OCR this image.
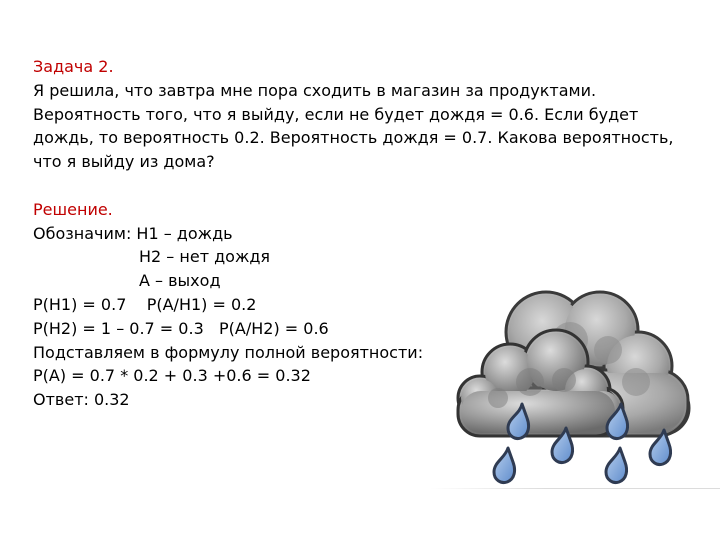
Задача 2.
Я решила, что завтра мне пора сходить в магазин за продуктами.
Вероятность того, что я выйду, если не будет дождя = 0.6. Если будет
дождь, то вероятность 0.2. Вероятность дождя = 0.7. Какова вероятность,
что я выйду из дома?
Решение.
Обозначим: H1 – дождь
H2 – нет дождя
A – выход
P(H1) = 0.7    P(A/H1) = 0.2
P(H2) = 1 – 0.7 = 0.3   P(A/H2) = 0.6
Подставляем в формулу полной вероятности:
P(A) = 0.7 * 0.2 + 0.3 +0.6 = 0.32
Ответ: 0.32
